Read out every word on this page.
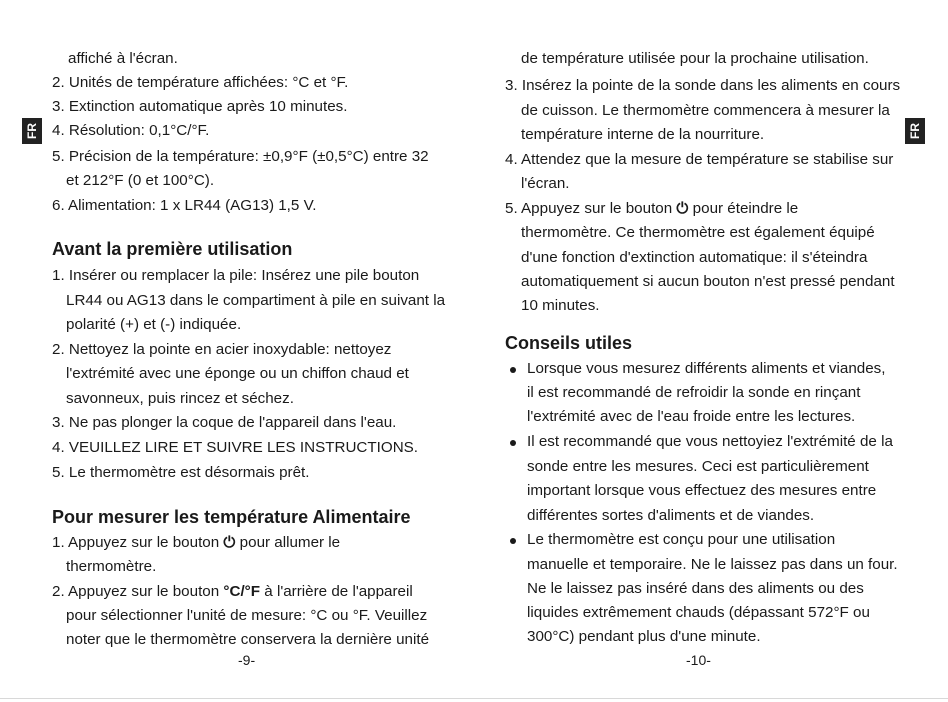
FR	FR
affiché à l'écran.
2. Unités de température affichées: °C et °F.
3. Extinction automatique après 10 minutes.
4. Résolution: 0,1°C/°F.
5. Précision de la température: ±0,9°F (±0,5°C) entre 32
et 212°F (0 et 100°C).
6. Alimentation: 1 x LR44 (AG13) 1,5 V.
Avant la première utilisation
1. Insérer ou remplacer la pile: Insérez une pile bouton
LR44 ou AG13 dans le compartiment à pile en suivant la
polarité (+) et (-) indiquée.
2. Nettoyez la pointe en acier inoxydable: nettoyez
l'extrémité avec une éponge ou un chiffon chaud et
savonneux, puis rincez et séchez.
3. Ne pas plonger la coque de l'appareil dans l'eau.
4. VEUILLEZ LIRE ET SUIVRE LES INSTRUCTIONS.
5. Le thermomètre est désormais prêt.
Pour mesurer les température Alimentaire
1. Appuyez sur le bouton ⏻ pour allumer le
thermomètre.
2. Appuyez sur le bouton °C/°F à l'arrière de l'appareil
pour sélectionner l'unité de mesure: °C ou °F. Veuillez
noter que le thermomètre conservera la dernière unité
-9-
de température utilisée pour la prochaine utilisation.
3. Insérez la pointe de la sonde dans les aliments en cours
de cuisson. Le thermomètre commencera à mesurer la
température interne de la nourriture.
4. Attendez que la mesure de température se stabilise sur
l'écran.
5. Appuyez sur le bouton ⏻ pour éteindre le
thermomètre. Ce thermomètre est également équipé
d'une fonction d'extinction automatique: il s'éteindra
automatiquement si aucun bouton n'est pressé pendant
10 minutes.
Conseils utiles
Lorsque vous mesurez différents aliments et viandes,
il est recommandé de refroidir la sonde en rinçant
l'extrémité avec de l'eau froide entre les lectures.
Il est recommandé que vous nettoyiez l'extrémité de la
sonde entre les mesures. Ceci est particulièrement
important lorsque vous effectuez des mesures entre
différentes sortes d'aliments et de viandes.
Le thermomètre est conçu pour une utilisation
manuelle et temporaire. Ne le laissez pas dans un four.
Ne le laissez pas inséré dans des aliments ou des
liquides extrêmement chauds (dépassant 572°F ou
300°C) pendant plus d'une minute.
-10-
